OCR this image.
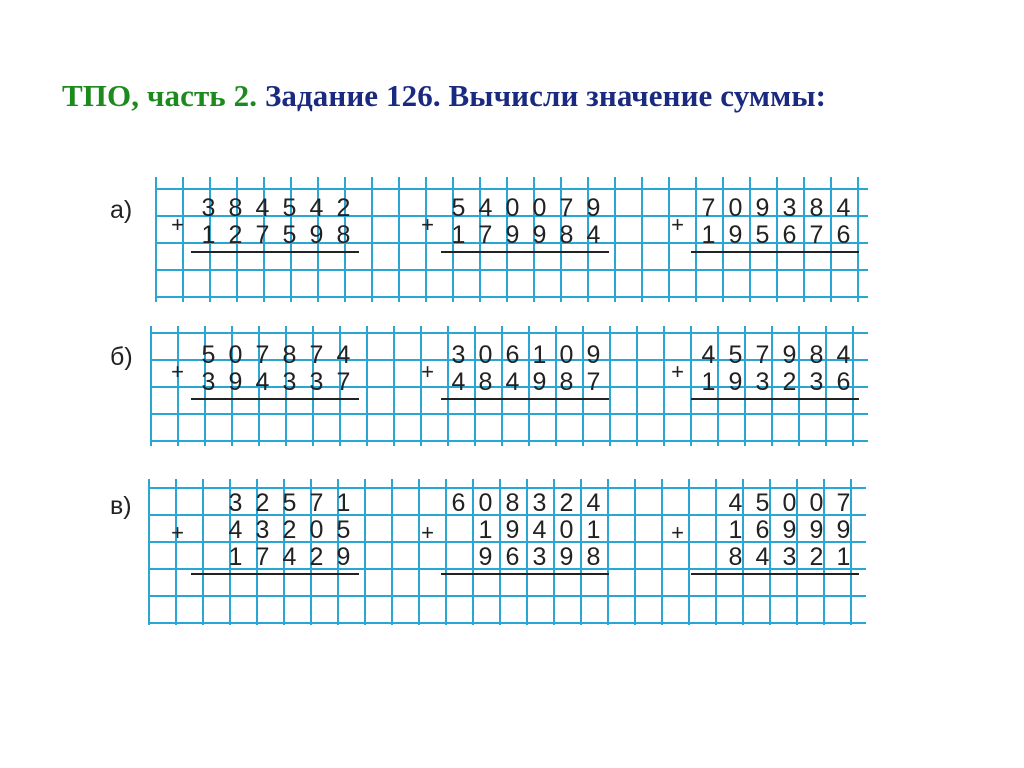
ТПО, часть 2. Задание 126. Вычисли значение суммы:
а)	3 8 4 5 4 2
1 2 7 5 9 8
+
5 4 0 0 7 9
1 7 9 9 8 4
+
7 0 9 3 8 4
1 9 5 6 7 6
+
б)	5 0 7 8 7 4
3 9 4 3 3 7
+
3 0 6 1 0 9
4 8 4 9 8 7
+
4 5 7 9 8 4
1 9 3 2 3 6
+
в)	3 2 5 7 1
4 3 2 0 5
1 7 4 2 9
+
6 0 8 3 2 4
1 9 4 0 1
9 6 3 9 8
+
4 5 0 0 7
1 6 9 9 9
8 4 3 2 1
+
